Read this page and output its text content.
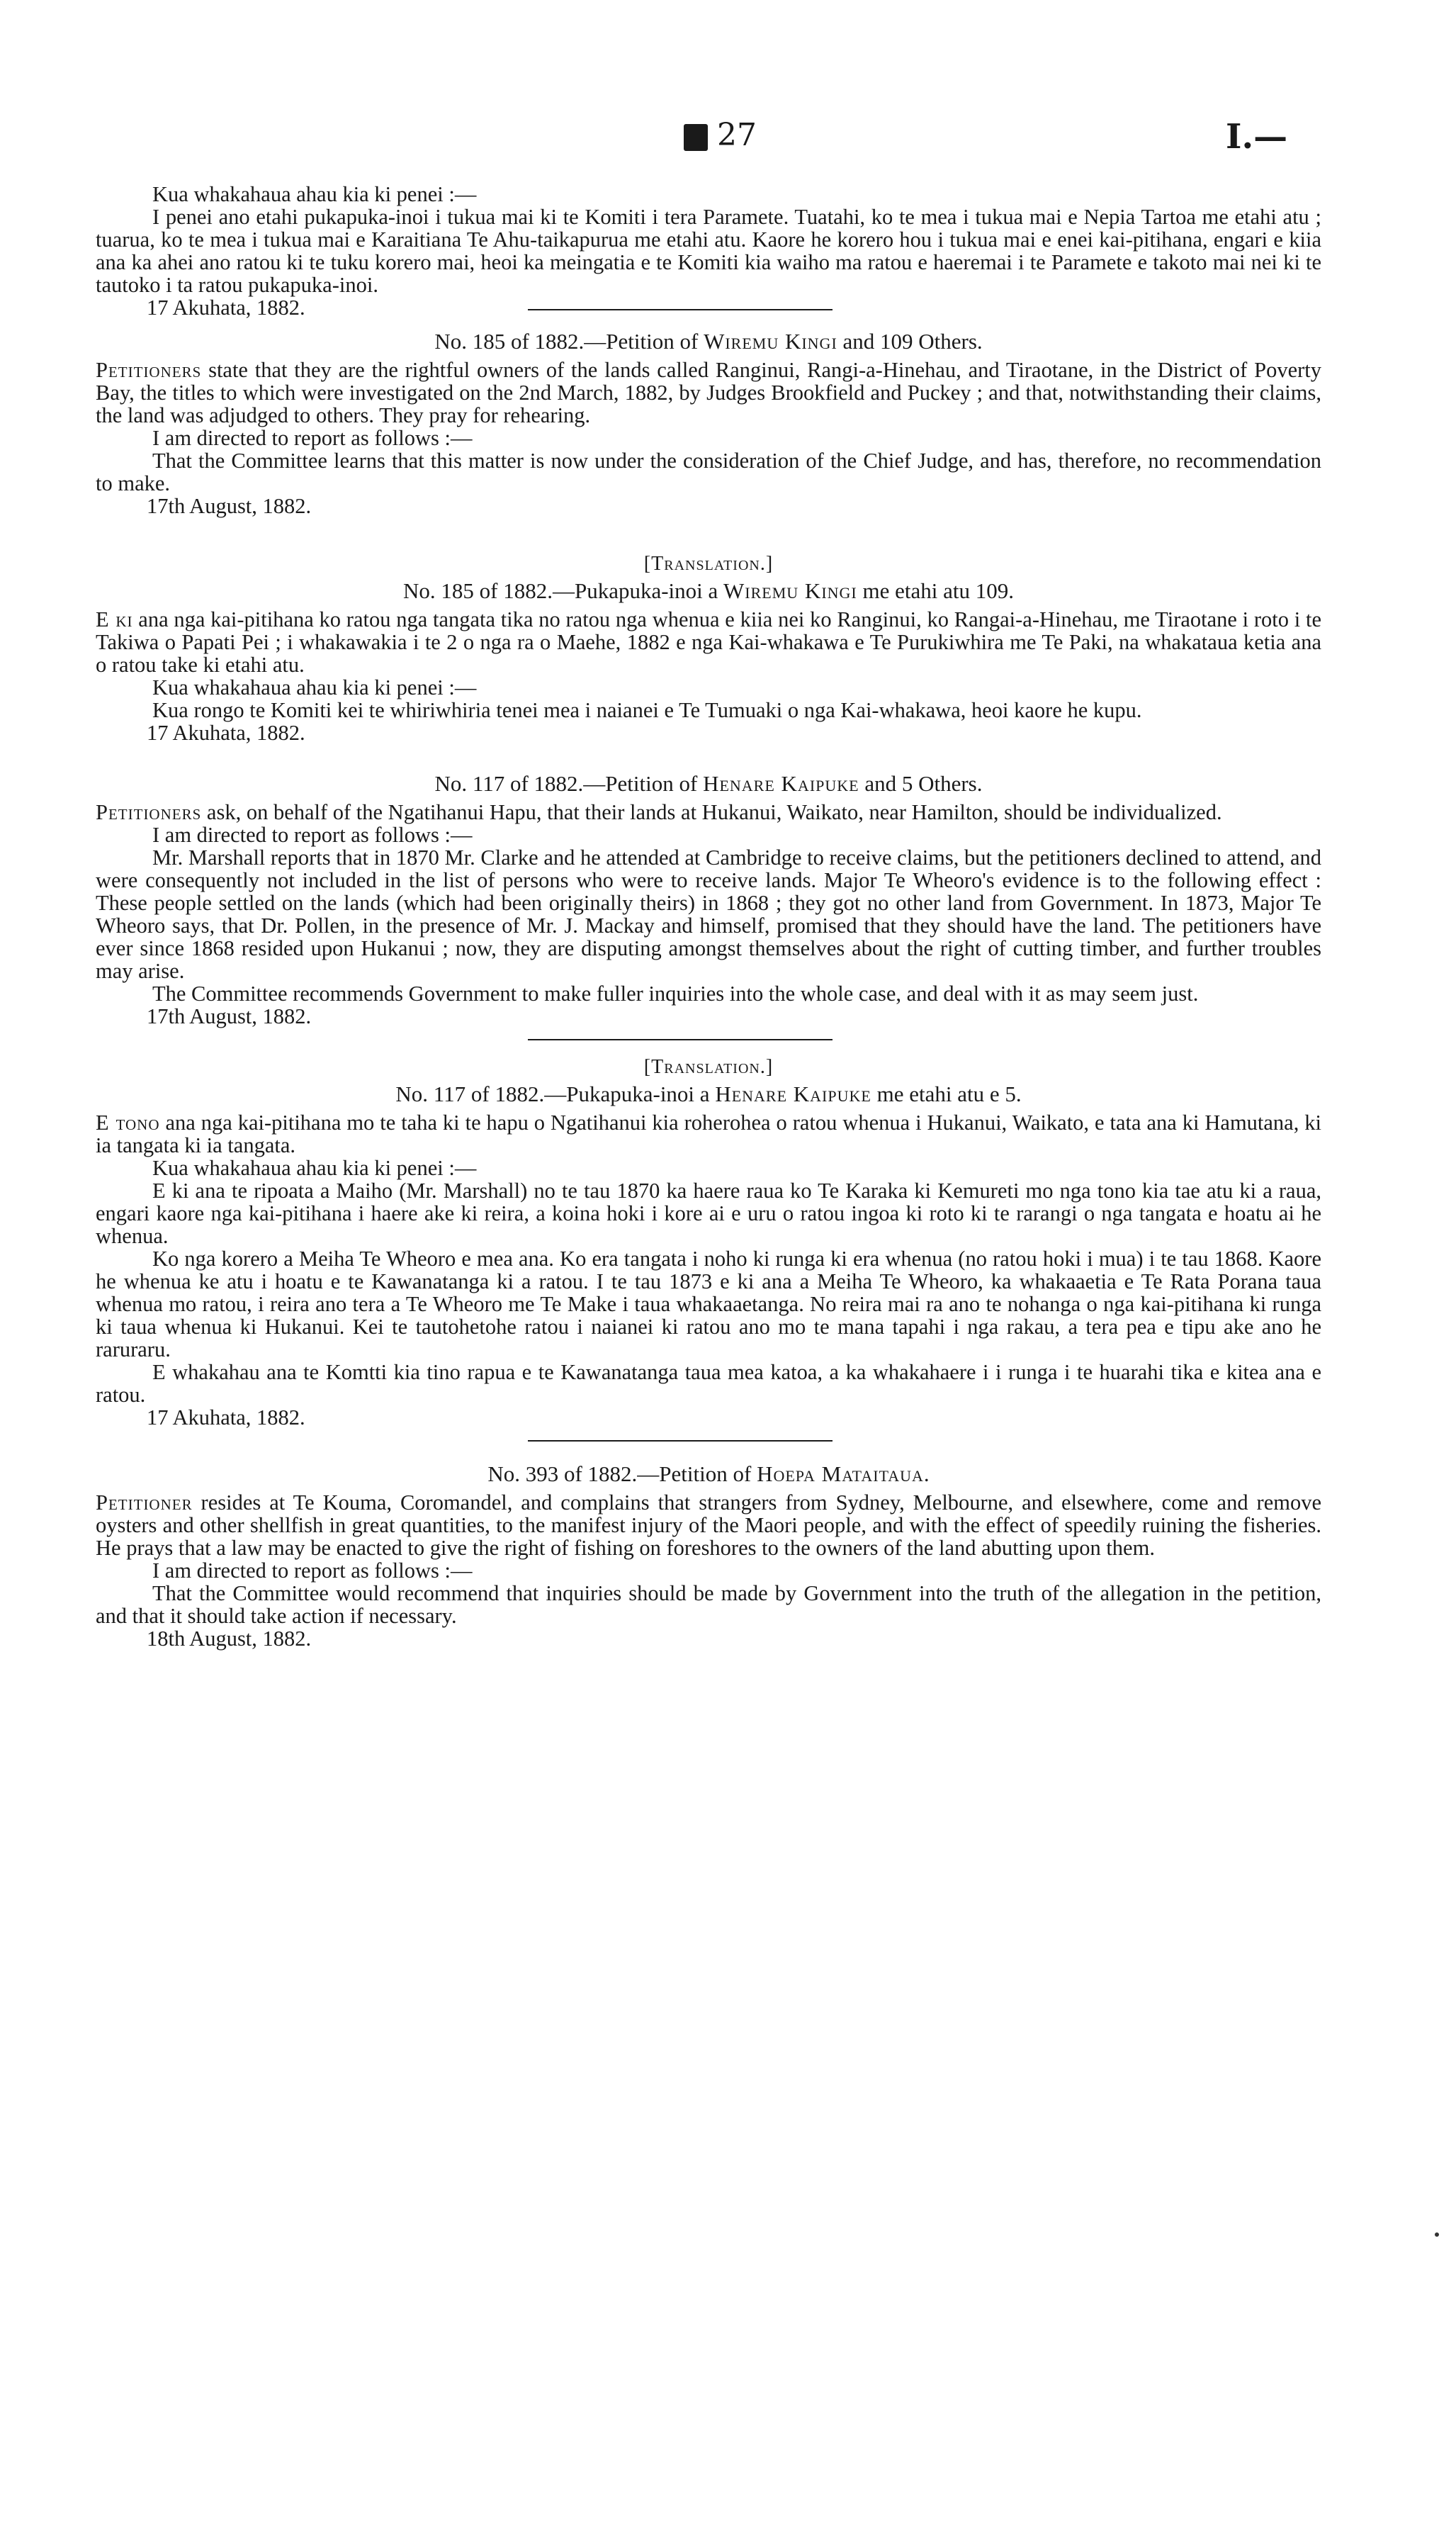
27	I.—

Kua whakahaua ahau kia ki penei :—

I penei ano etahi pukapuka-inoi i tukua mai ki te Komiti i tera Paramete. Tuatahi, ko te mea i tukua mai e Nepia Tartoa me etahi atu ; tuarua, ko te mea i tukua mai e Karaitiana Te Ahu-taikapurua me etahi atu. Kaore he korero hou i tukua mai e enei kai-pitihana, engari e kiia ana ka ahei ano ratou ki te tuku korero mai, heoi ka meingatia e te Komiti kia waiho ma ratou e haeremai i te Paramete e takoto mai nei ki te tautoko i ta ratou pukapuka-inoi.

17 Akuhata, 1882.

No. 185 of 1882.—Petition of Wiremu Kingi and 109 Others.

Petitioners state that they are the rightful owners of the lands called Ranginui, Rangi-a-Hinehau, and Tiraotane, in the District of Poverty Bay, the titles to which were investigated on the 2nd March, 1882, by Judges Brookfield and Puckey ; and that, notwithstanding their claims, the land was adjudged to others. They pray for rehearing.

I am directed to report as follows :—

That the Committee learns that this matter is now under the consideration of the Chief Judge, and has, therefore, no recommendation to make.

17th August, 1882.

[Translation.]

No. 185 of 1882.—Pukapuka-inoi a Wiremu Kingi me etahi atu 109.

E ki ana nga kai-pitihana ko ratou nga tangata tika no ratou nga whenua e kiia nei ko Ranginui, ko Rangai-a-Hinehau, me Tiraotane i roto i te Takiwa o Papati Pei ; i whakawakia i te 2 o nga ra o Maehe, 1882 e nga Kai-whakawa e Te Purukiwhira me Te Paki, na whakataua ketia ana o ratou take ki etahi atu.

Kua whakahaua ahau kia ki penei :—

Kua rongo te Komiti kei te whiriwhiria tenei mea i naianei e Te Tumuaki o nga Kai-whakawa, heoi kaore he kupu.

17 Akuhata, 1882.

No. 117 of 1882.—Petition of Henare Kaipuke and 5 Others.

Petitioners ask, on behalf of the Ngatihanui Hapu, that their lands at Hukanui, Waikato, near Hamilton, should be individualized.

I am directed to report as follows :—

Mr. Marshall reports that in 1870 Mr. Clarke and he attended at Cambridge to receive claims, but the petitioners declined to attend, and were consequently not included in the list of persons who were to receive lands. Major Te Wheoro's evidence is to the following effect : These people settled on the lands (which had been originally theirs) in 1868 ; they got no other land from Government. In 1873, Major Te Wheoro says, that Dr. Pollen, in the presence of Mr. J. Mackay and himself, promised that they should have the land. The petitioners have ever since 1868 resided upon Hukanui ; now, they are disputing amongst themselves about the right of cutting timber, and further troubles may arise.

The Committee recommends Government to make fuller inquiries into the whole case, and deal with it as may seem just.

17th August, 1882.

[Translation.]

No. 117 of 1882.—Pukapuka-inoi a Henare Kaipuke me etahi atu e 5.

E tono ana nga kai-pitihana mo te taha ki te hapu o Ngatihanui kia roherohea o ratou whenua i Hukanui, Waikato, e tata ana ki Hamutana, ki ia tangata ki ia tangata.

Kua whakahaua ahau kia ki penei :—

E ki ana te ripoata a Maiho (Mr. Marshall) no te tau 1870 ka haere raua ko Te Karaka ki Kemureti mo nga tono kia tae atu ki a raua, engari kaore nga kai-pitihana i haere ake ki reira, a koina hoki i kore ai e uru o ratou ingoa ki roto ki te rarangi o nga tangata e hoatu ai he whenua.

Ko nga korero a Meiha Te Wheoro e mea ana. Ko era tangata i noho ki runga ki era whenua (no ratou hoki i mua) i te tau 1868. Kaore he whenua ke atu i hoatu e te Kawanatanga ki a ratou. I te tau 1873 e ki ana a Meiha Te Wheoro, ka whakaaetia e Te Rata Porana taua whenua mo ratou, i reira ano tera a Te Wheoro me Te Make i taua whakaaetanga. No reira mai ra ano te nohanga o nga kai-pitihana ki runga ki taua whenua ki Hukanui. Kei te tautohetohe ratou i naianei ki ratou ano mo te mana tapahi i nga rakau, a tera pea e tipu ake ano he raruraru.

E whakahau ana te Komtti kia tino rapua e te Kawanatanga taua mea katoa, a ka whakahaere i i runga i te huarahi tika e kitea ana e ratou.

17 Akuhata, 1882.

No. 393 of 1882.—Petition of Hoepa Mataitaua.

Petitioner resides at Te Kouma, Coromandel, and complains that strangers from Sydney, Melbourne, and elsewhere, come and remove oysters and other shellfish in great quantities, to the manifest injury of the Maori people, and with the effect of speedily ruining the fisheries. He prays that a law may be enacted to give the right of fishing on foreshores to the owners of the land abutting upon them.

I am directed to report as follows :—

That the Committee would recommend that inquiries should be made by Government into the truth of the allegation in the petition, and that it should take action if necessary.

18th August, 1882.
